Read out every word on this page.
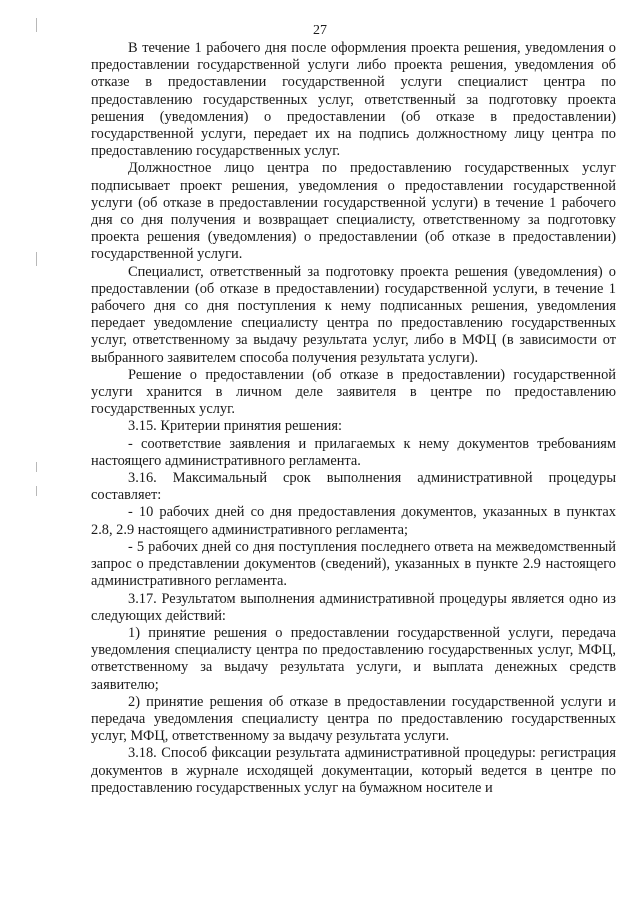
27

В течение 1 рабочего дня после оформления проекта решения, уведомления о предоставлении государственной услуги либо проекта решения, уведомления об отказе в предоставлении государственной услуги специалист центра по предоставлению государственных услуг, ответственный за подготовку проекта решения (уведомления) о предоставлении (об отказе в предоставлении) государственной услуги, передает их на подпись должностному лицу центра по предоставлению государственных услуг.

Должностное лицо центра по предоставлению государственных услуг подписывает проект решения, уведомления о предоставлении государственной услуги (об отказе в предоставлении государственной услуги) в течение 1 рабочего дня со дня получения и возвращает специалисту, ответственному за подготовку проекта решения (уведомления) о предоставлении (об отказе в предоставлении) государственной услуги.

Специалист, ответственный за подготовку проекта решения (уведомления) о предоставлении (об отказе в предоставлении) государственной услуги, в течение 1 рабочего дня со дня поступления к нему подписанных решения, уведомления передает уведомление специалисту центра по предоставлению государственных услуг, ответственному за выдачу результата услуг, либо в МФЦ (в зависимости от выбранного заявителем способа получения результата услуги).

Решение о предоставлении (об отказе в предоставлении) государственной услуги хранится в личном деле заявителя в центре по предоставлению государственных услуг.

3.15. Критерии принятия решения:

- соответствие заявления и прилагаемых к нему документов требованиям настоящего административного регламента.

3.16. Максимальный срок выполнения административной процедуры составляет:

- 10 рабочих дней со дня предоставления документов, указанных в пунктах 2.8, 2.9 настоящего административного регламента;

- 5 рабочих дней со дня поступления последнего ответа на межведомственный запрос о представлении документов (сведений), указанных в пункте 2.9 настоящего административного регламента.

3.17. Результатом выполнения административной процедуры является одно из следующих действий:

1) принятие решения о предоставлении государственной услуги, передача уведомления специалисту центра по предоставлению государственных услуг, МФЦ, ответственному за выдачу результата услуги, и выплата денежных средств заявителю;

2) принятие решения об отказе в предоставлении государственной услуги и передача уведомления специалисту центра по предоставлению государственных услуг, МФЦ, ответственному за выдачу результата услуги.

3.18. Способ фиксации результата административной процедуры: регистрация документов в журнале исходящей документации, который ведется в центре по предоставлению государственных услуг на бумажном носителе и
